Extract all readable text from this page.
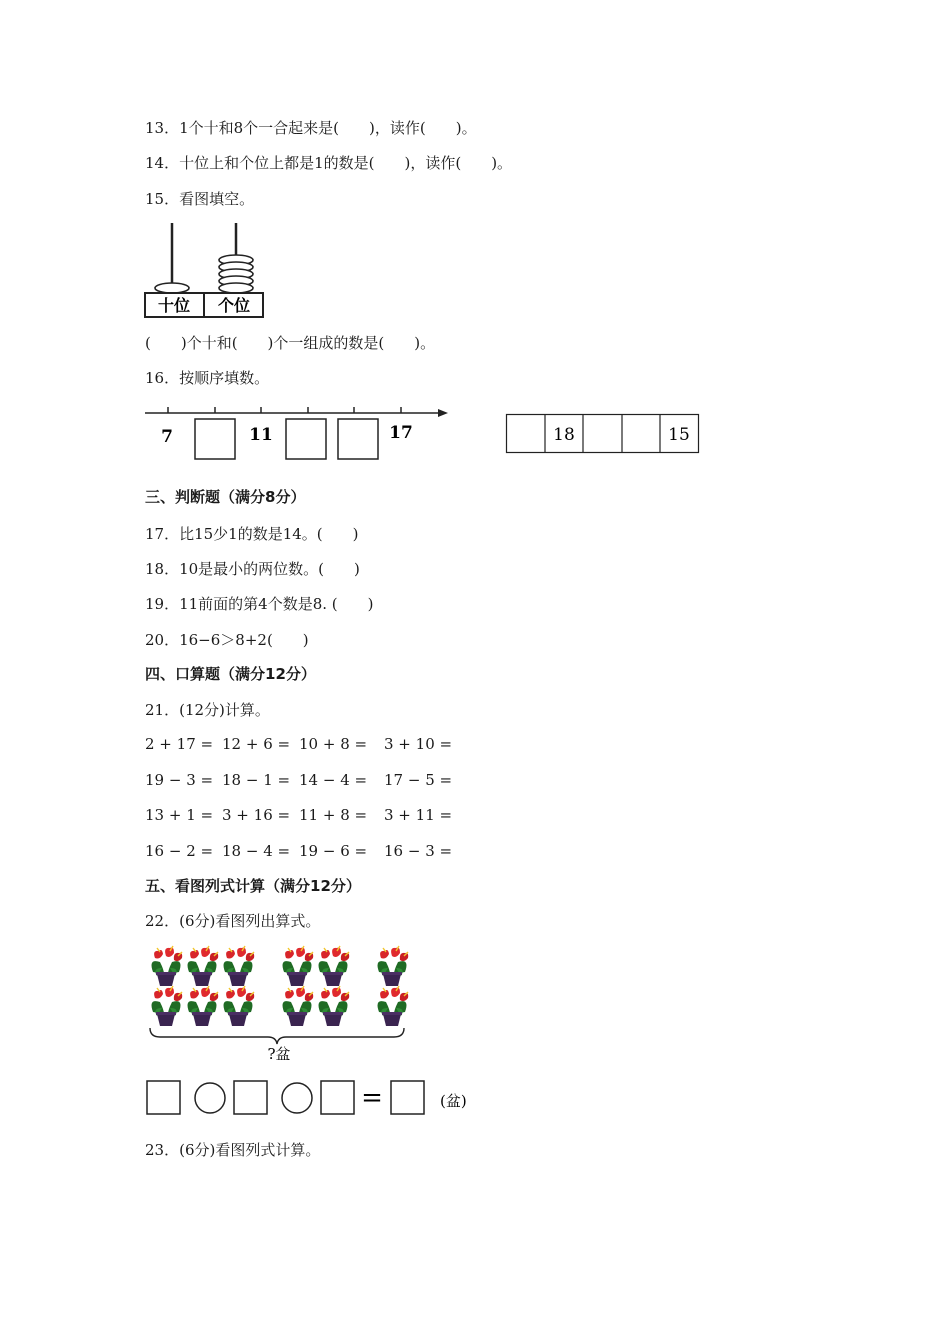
13．1个十和8个一合起来是(　　)，读作(　　)。
14．十位上和个位上都是1的数是(　　)，读作(　　)。
15．看图填空。
十位 个位
(　　)个十和(　　)个一组成的数是(　　)。
16．按顺序填数。
7	11	17	18	15
三、判断题（满分8分）
17．比15少1的数是14。(　　)
18．10是最小的两位数。(　　)
19．11前面的第4个数是8. (　　)
20．16−6＞8+2(　　)
四、口算题（满分12分）
21．(12分)计算。
2 + 17 = 12 + 6 = 10 + 8 = 3 + 10 =
19 − 3 = 18 − 1 = 14 − 4 = 17 − 5 =
13 + 1 = 3 + 16 = 11 + 8 = 3 + 11 =
16 − 2 = 18 − 4 = 19 − 6 = 16 − 3 =
五、看图列式计算（满分12分）
22．(6分)看图列出算式。
?盆
=	(盆)
23．(6分)看图列式计算。
